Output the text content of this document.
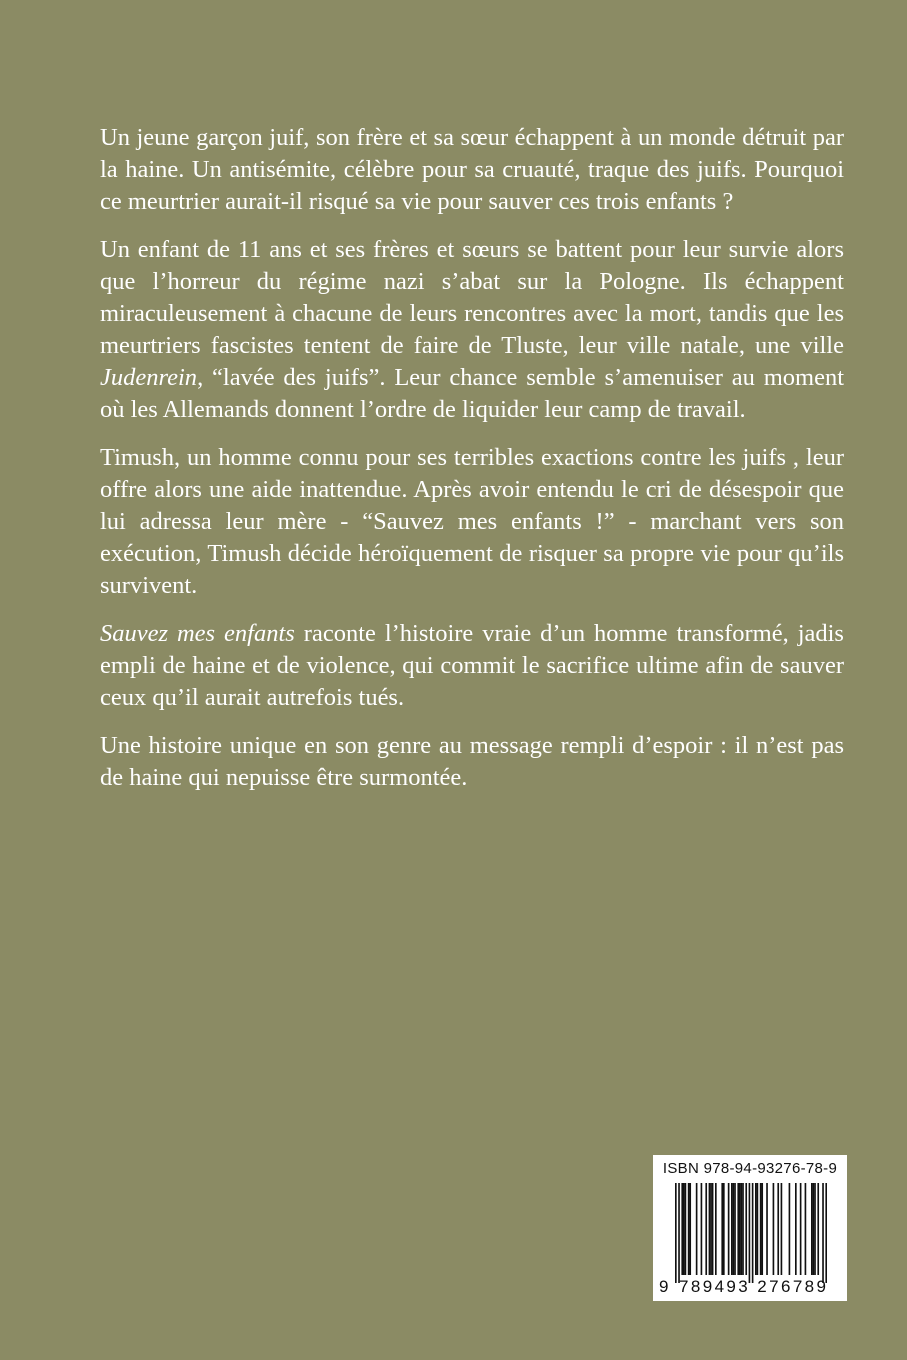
Un jeune garçon juif, son frère et sa sœur échappent à un monde détruit par la haine. Un antisémite, célèbre pour sa cruauté, traque des juifs. Pourquoi ce meurtrier aurait-il risqué sa vie pour sauver ces trois enfants ?

Un enfant de 11 ans et ses frères et sœurs se battent pour leur survie alors que l’horreur du régime nazi s’abat sur la Pologne. Ils échappent miraculeusement à chacune de leurs rencontres avec la mort, tandis que les meurtriers fascistes tentent de faire de Tluste, leur ville natale, une ville Judenrein, “lavée des juifs”. Leur chance semble s’amenuiser au moment où les Allemands donnent l’ordre de liquider leur camp de travail.

Timush, un homme connu pour ses terribles exactions contre les juifs , leur offre alors une aide inattendue. Après avoir entendu le cri de désespoir que lui adressa leur mère - “Sauvez mes enfants !” - marchant vers son exécution, Timush décide héroïquement de risquer sa propre vie pour qu’ils survivent.

Sauvez mes enfants raconte l’histoire vraie d’un homme transformé, jadis empli de haine et de violence, qui commit le sacrifice ultime afin de sauver ceux qu’il aurait autrefois tués.

Une histoire unique en son genre au message rempli d’espoir : il n’est pas de haine qui nepuisse être surmontée.

ISBN 978-94-93276-78-9
9 789493 276789
